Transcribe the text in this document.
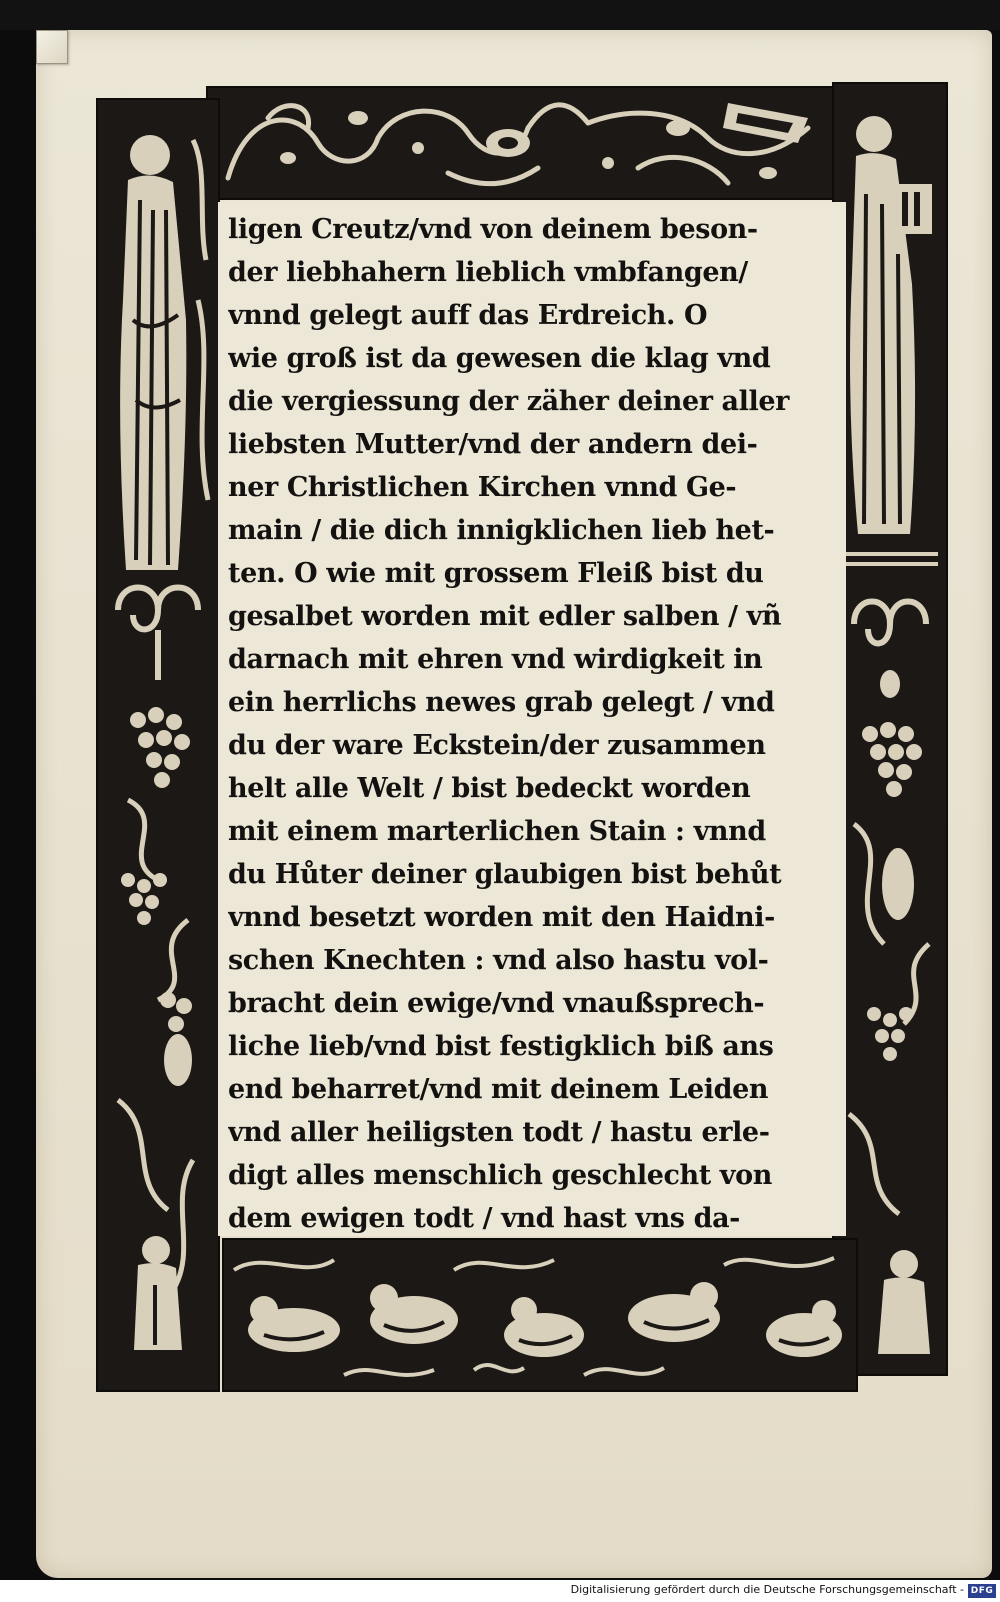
ligen Creutz/vnd von deinem beson-
der liebhahern lieblich vmbfangen/
vnnd gelegt auff das Erdreich. O
wie groß ist da gewesen die klag vnd
die vergiessung der zäher deiner aller
liebsten Mutter/vnd der andern dei-
ner Christlichen Kirchen vnnd Ge-
main / die dich innigklichen lieb het-
ten. O wie mit grossem Fleiß bist du
gesalbet worden mit edler salben / vñ
darnach mit ehren vnd wirdigkeit in
ein herrlichs newes grab gelegt / vnd
du der ware Eckstein/der zusammen
helt alle Welt / bist bedeckt worden
mit einem marterlichen Stain : vnnd
du Hůter deiner glaubigen bist behůt
vnnd besetzt worden mit den Haidni-
schen Knechten : vnd also hastu vol-
bracht dein ewige/vnd vnaußsprech-
liche lieb/vnd bist festigklich biß ans
end beharret/vnd mit deinem Leiden
vnd aller heiligsten todt / hastu erle-
digt alles menschlich geschlecht von
dem ewigen todt / vnd hast vns da-
Digitalisierung gefördert durch die Deutsche Forschungsgemeinschaft - DFG
